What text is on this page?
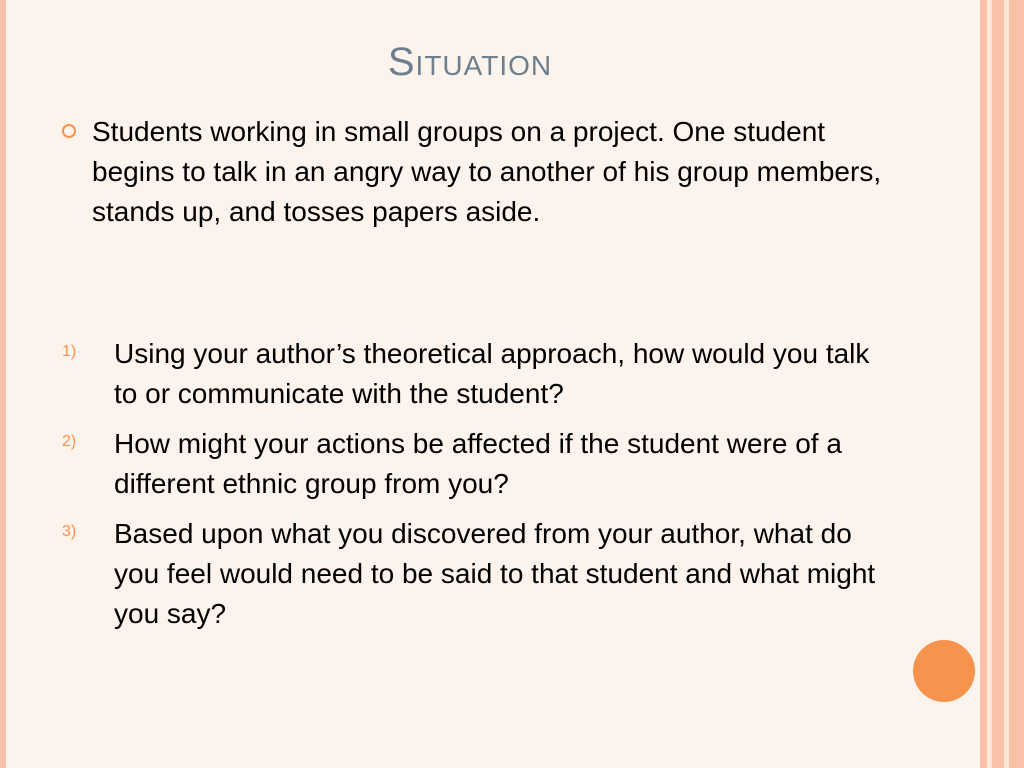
Situation
Students working in small groups on a project. One student begins to talk in an angry way to another of his group members, stands up, and tosses papers aside.
1) Using your author’s theoretical approach, how would you talk to or communicate with the student?
2) How might your actions be affected if the student were of a different ethnic group from you?
3) Based upon what you discovered from your author, what do you feel would need to be said to that student and what might you say?
